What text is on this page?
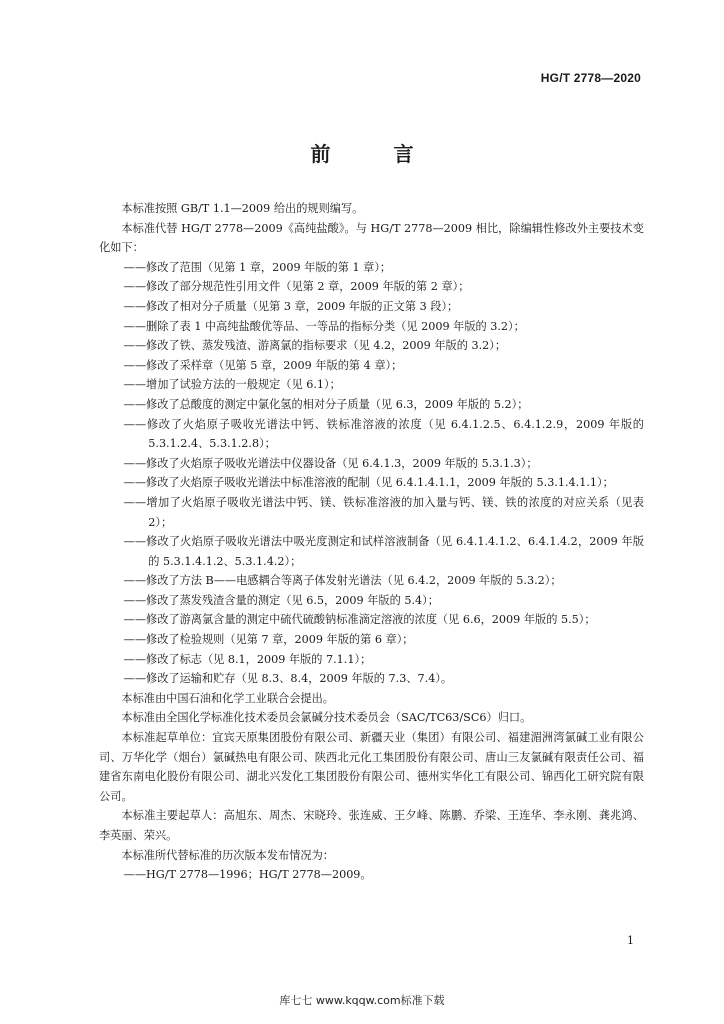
HG/T 2778—2020
前 言

本标准按照 GB/T 1.1—2009 给出的规则编写。

本标准代替 HG/T 2778—2009《高纯盐酸》。与 HG/T 2778—2009 相比，除编辑性修改外主要技术变化如下：

——修改了范围（见第 1 章，2009 年版的第 1 章）；

——修改了部分规范性引用文件（见第 2 章，2009 年版的第 2 章）；

——修改了相对分子质量（见第 3 章，2009 年版的正文第 3 段）；

——删除了表 1 中高纯盐酸优等品、一等品的指标分类（见 2009 年版的 3.2）；

——修改了铁、蒸发残渣、游离氯的指标要求（见 4.2，2009 年版的 3.2）；

——修改了采样章（见第 5 章，2009 年版的第 4 章）；

——增加了试验方法的一般规定（见 6.1）；

——修改了总酸度的测定中氯化氢的相对分子质量（见 6.3，2009 年版的 5.2）；

——修改了火焰原子吸收光谱法中钙、铁标准溶液的浓度（见 6.4.1.2.5、6.4.1.2.9，2009 年版的 5.3.1.2.4、5.3.1.2.8）；

——修改了火焰原子吸收光谱法中仪器设备（见 6.4.1.3，2009 年版的 5.3.1.3）；

——修改了火焰原子吸收光谱法中标准溶液的配制（见 6.4.1.4.1.1，2009 年版的 5.3.1.4.1.1）；

——增加了火焰原子吸收光谱法中钙、镁、铁标准溶液的加入量与钙、镁、铁的浓度的对应关系（见表 2）；

——修改了火焰原子吸收光谱法中吸光度测定和试样溶液制备（见 6.4.1.4.1.2、6.4.1.4.2，2009 年版的 5.3.1.4.1.2、5.3.1.4.2）；

——修改了方法 B——电感耦合等离子体发射光谱法（见 6.4.2，2009 年版的 5.3.2）；

——修改了蒸发残渣含量的测定（见 6.5，2009 年版的 5.4）；

——修改了游离氯含量的测定中硫代硫酸钠标准滴定溶液的浓度（见 6.6，2009 年版的 5.5）；

——修改了检验规则（见第 7 章，2009 年版的第 6 章）；

——修改了标志（见 8.1，2009 年版的 7.1.1）；

——修改了运输和贮存（见 8.3、8.4，2009 年版的 7.3、7.4）。

本标准由中国石油和化学工业联合会提出。

本标准由全国化学标准化技术委员会氯碱分技术委员会（SAC/TC63/SC6）归口。

本标准起草单位：宜宾天原集团股份有限公司、新疆天业（集团）有限公司、福建湄洲湾氯碱工业有限公司、万华化学（烟台）氯碱热电有限公司、陕西北元化工集团股份有限公司、唐山三友氯碱有限责任公司、福建省东南电化股份有限公司、湖北兴发化工集团股份有限公司、德州实华化工有限公司、锦西化工研究院有限公司。

本标准主要起草人：高旭东、周杰、宋晓玲、张连威、王夕峰、陈鹏、乔梁、王连华、李永刚、龚兆鸿、李英丽、荣兴。

本标准所代替标准的历次版本发布情况为：

——HG/T 2778—1996；HG/T 2778—2009。

1
库七七 www.kqqw.com标准下载
